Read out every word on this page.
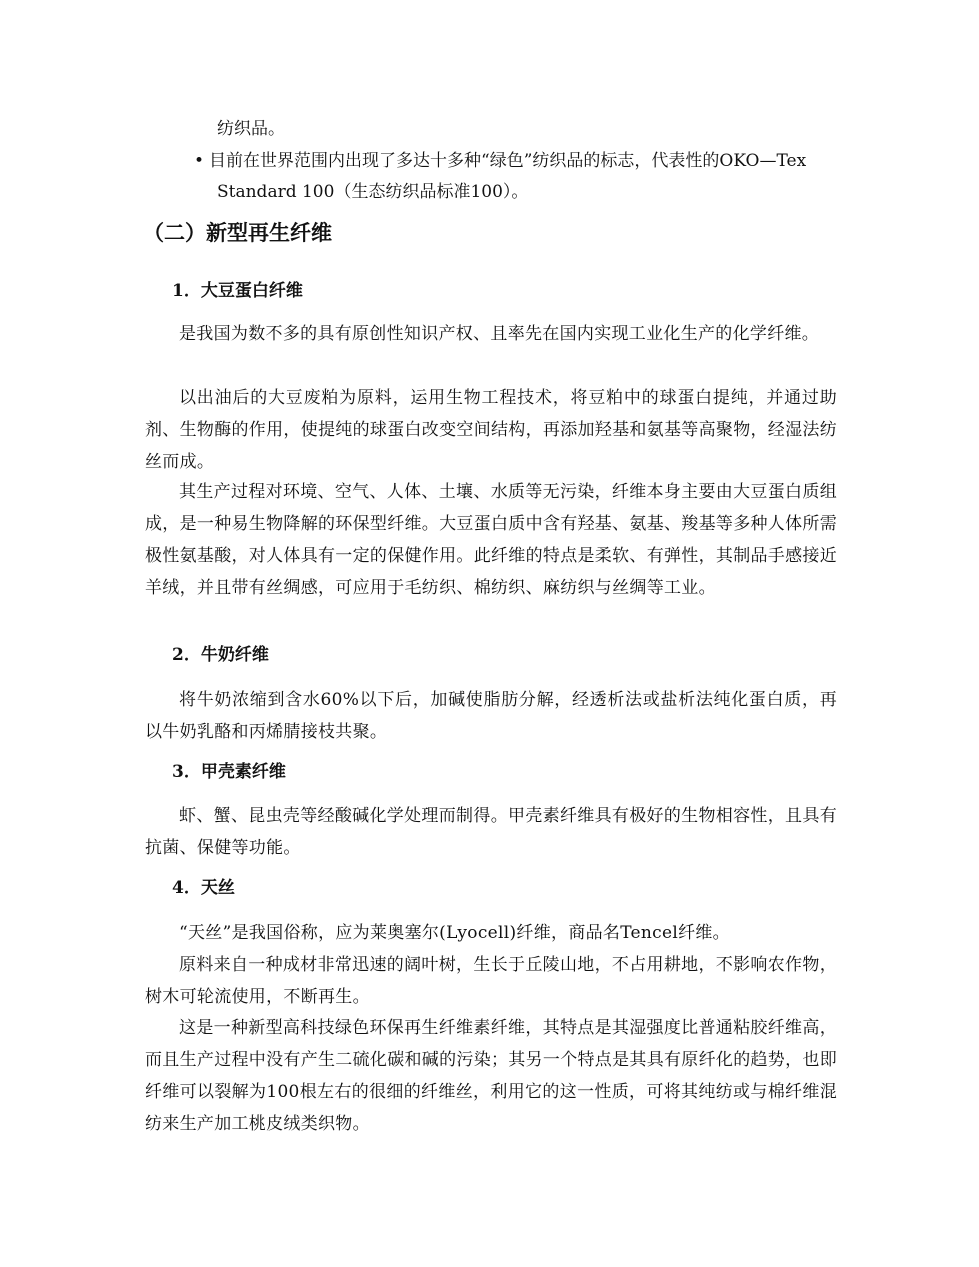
纺织品。

• 目前在世界范围内出现了多达十多种“绿色”纺织品的标志，代表性的OKO—Tex

Standard 100（生态纺织品标准100）。

（二）新型再生纤维
1．大豆蛋白纤维

是我国为数不多的具有原创性知识产权、且率先在国内实现工业化生产的化学纤维。

以出油后的大豆废粕为原料，运用生物工程技术，将豆粕中的球蛋白提纯，并通过助剂、生物酶的作用，使提纯的球蛋白改变空间结构，再添加羟基和氨基等高聚物，经湿法纺丝而成。

其生产过程对环境、空气、人体、土壤、水质等无污染，纤维本身主要由大豆蛋白质组成，是一种易生物降解的环保型纤维。大豆蛋白质中含有羟基、氨基、羧基等多种人体所需极性氨基酸，对人体具有一定的保健作用。此纤维的特点是柔软、有弹性，其制品手感接近羊绒，并且带有丝绸感，可应用于毛纺织、棉纺织、麻纺织与丝绸等工业。

2．牛奶纤维

将牛奶浓缩到含水60%以下后，加碱使脂肪分解，经透析法或盐析法纯化蛋白质，再以牛奶乳酪和丙烯腈接枝共聚。

3．甲壳素纤维

虾、蟹、昆虫壳等经酸碱化学处理而制得。甲壳素纤维具有极好的生物相容性，且具有抗菌、保健等功能。

4．天丝

“天丝”是我国俗称，应为莱奥塞尔(Lyocell)纤维，商品名Tencel纤维。

原料来自一种成材非常迅速的阔叶树，生长于丘陵山地，不占用耕地，不影响农作物，树木可轮流使用，不断再生。

这是一种新型高科技绿色环保再生纤维素纤维，其特点是其湿强度比普通粘胶纤维高，而且生产过程中没有产生二硫化碳和碱的污染；其另一个特点是其具有原纤化的趋势，也即纤维可以裂解为100根左右的很细的纤维丝，利用它的这一性质，可将其纯纺或与棉纤维混纺来生产加工桃皮绒类织物。
